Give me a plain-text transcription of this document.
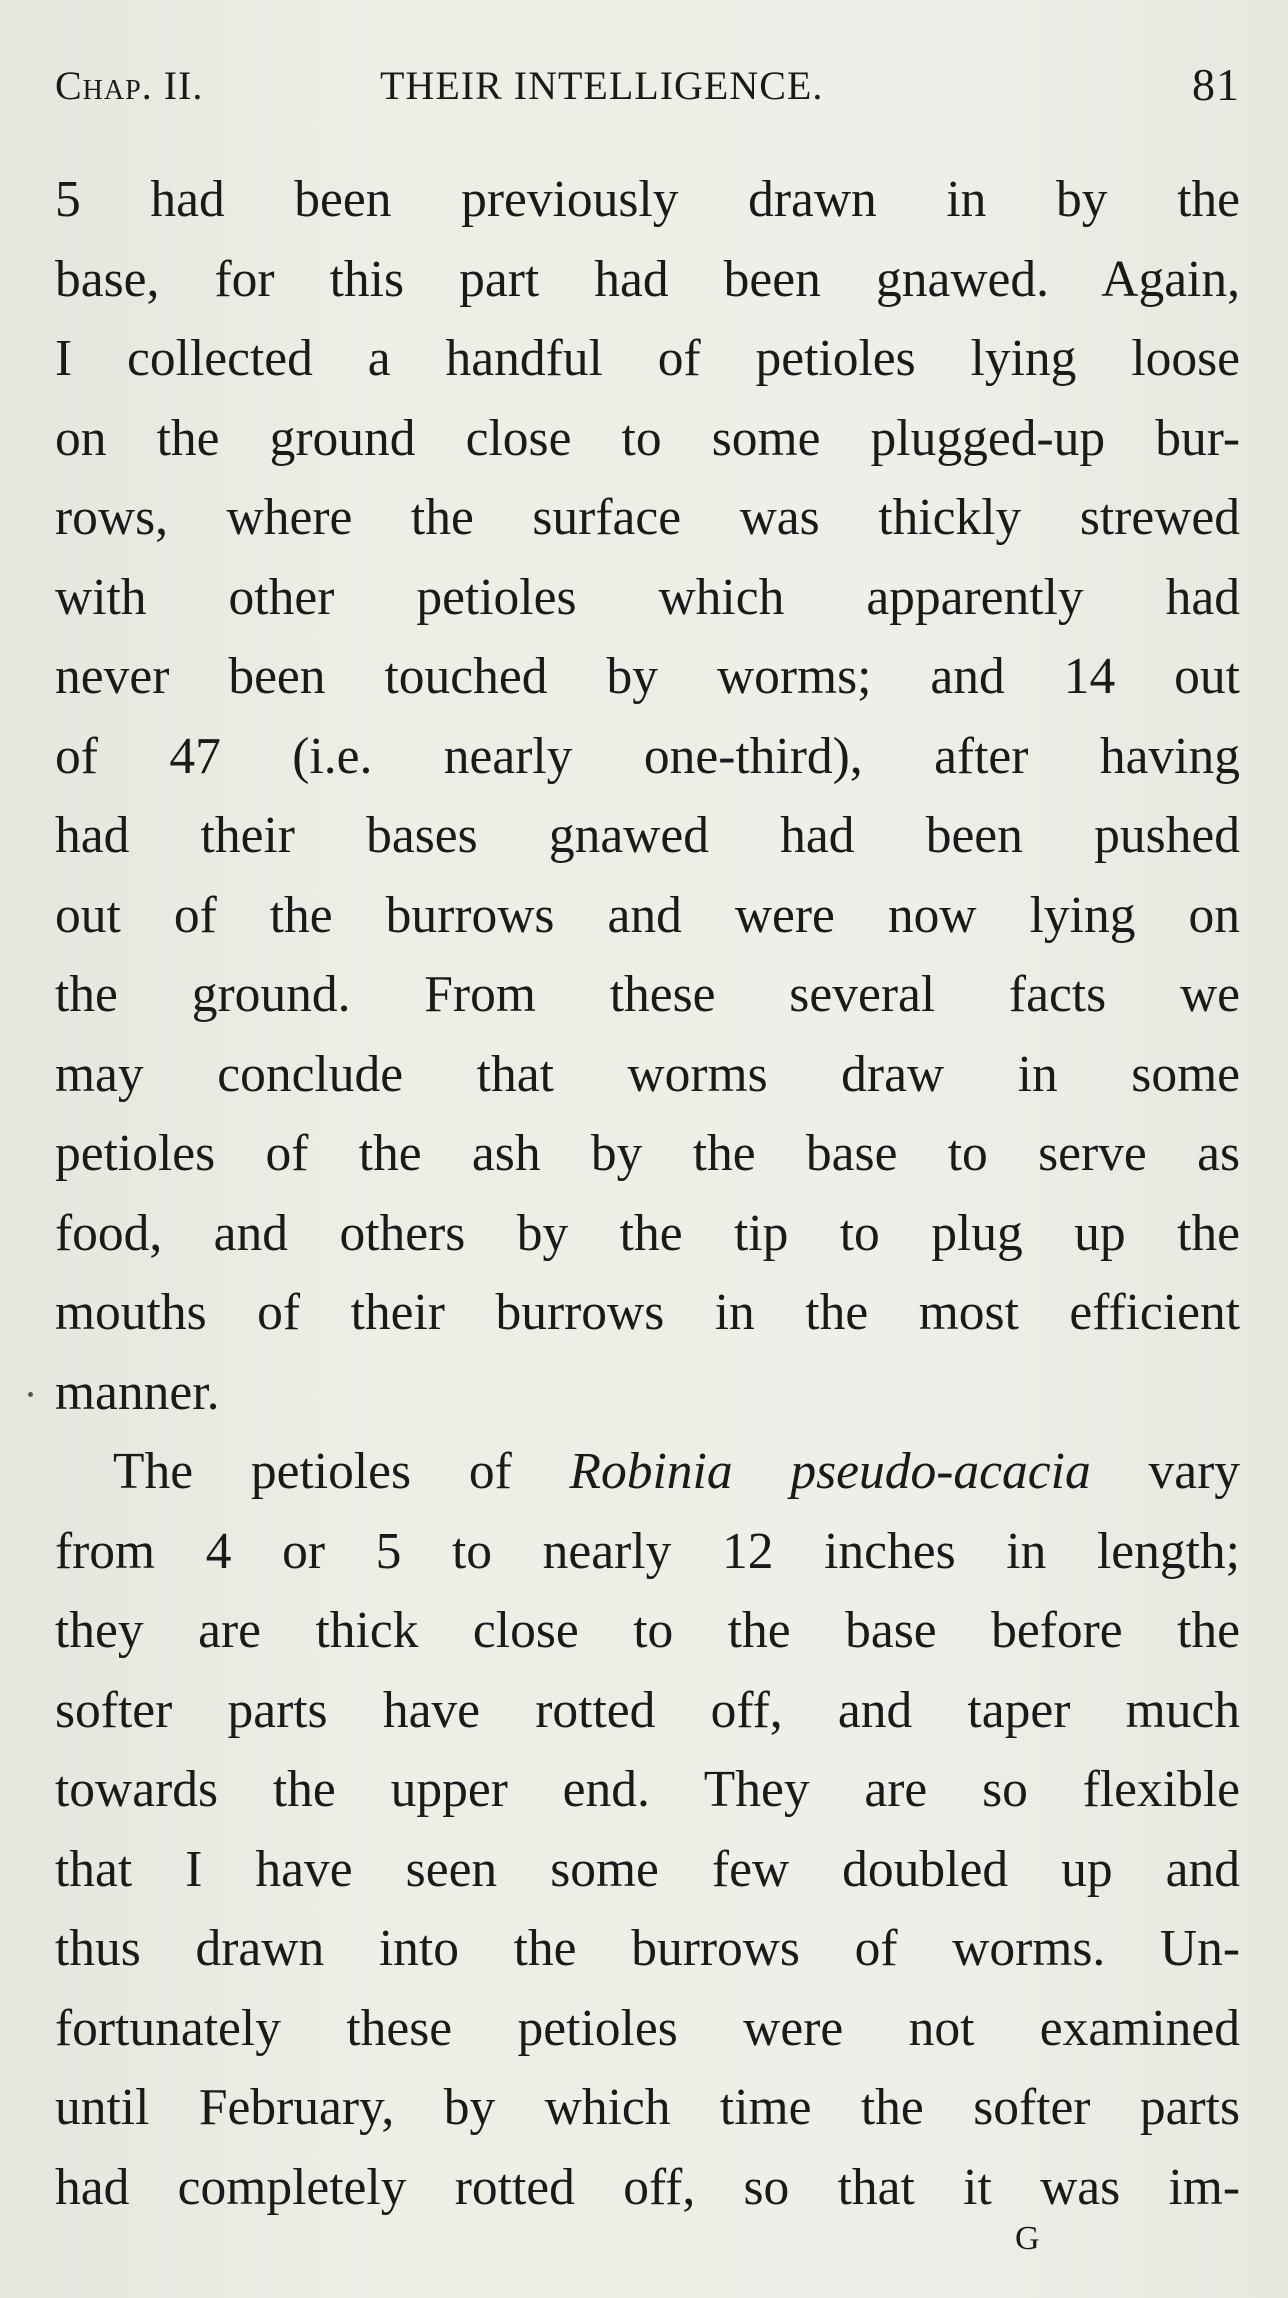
Chap. II.	THEIR INTELLIGENCE.	81
5 had been previously drawn in by the
base, for this part had been gnawed. Again,
I collected a handful of petioles lying loose
on the ground close to some plugged-up bur-
rows, where the surface was thickly strewed
with other petioles which apparently had
never been touched by worms; and 14 out
of 47 (i.e. nearly one-third), after having
had their bases gnawed had been pushed
out of the burrows and were now lying on
the ground. From these several facts we
may conclude that worms draw in some
petioles of the ash by the base to serve as
food, and others by the tip to plug up the
mouths of their burrows in the most efficient
manner.
The petioles of Robinia pseudo-acacia vary
from 4 or 5 to nearly 12 inches in length;
they are thick close to the base before the
softer parts have rotted off, and taper much
towards the upper end. They are so flexible
that I have seen some few doubled up and
thus drawn into the burrows of worms. Un-
fortunately these petioles were not examined
until February, by which time the softer parts
had completely rotted off, so that it was im-
G
